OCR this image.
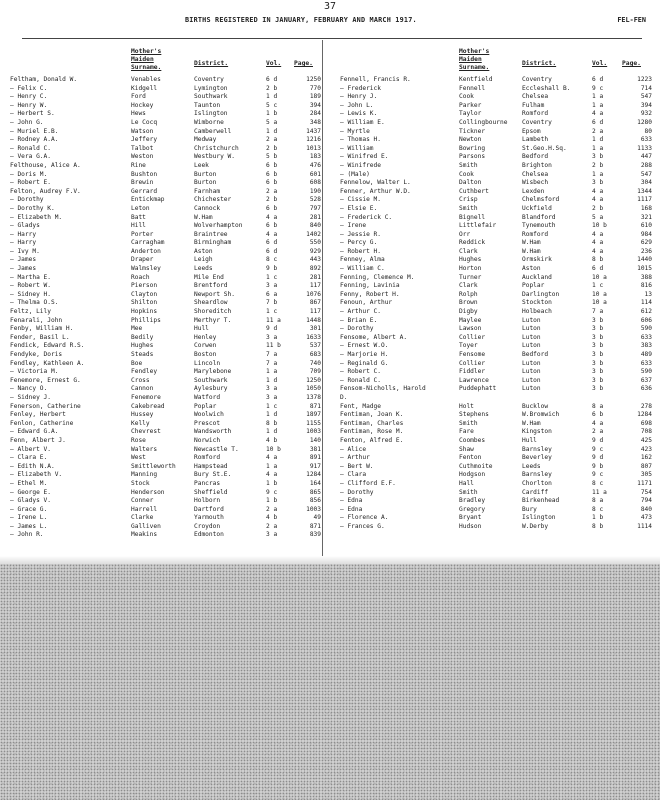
37
BIRTHS REGISTERED IN JANUARY, FEBRUARY AND MARCH 1917.	FEL-FEN
Mother's
Maiden
Surname.
District.	Vol. Page.
Feltham, Donald W.	Venables	Coventry	6 d	1250
— Felix C.	Kidgell	Lymington	2 b	770
— Henry C.	Ford	Southwark	1 d	189
— Henry W.	Hockey	Taunton	5 c	394
— Herbert S.	Hews	Islington	1 b	284
— John G.	Le Cocq	Wimborne	5 a	348
— Muriel E.B.	Watson	Camberwell	1 d	1437
— Rodney A.A.	Jeffery	Medway	2 a	1216
— Ronald C.	Talbot	Christchurch	2 b	1013
— Vera G.A.	Weston	Westbury W.	5 b	183
Felthouse, Alice A.	Rine	Leek	6 b	476
— Doris M.	Bushton	Burton	6 b	601
— Robert E.	Brewin	Burton	6 b	608
Felton, Audrey F.V.	Gerrard	Farnham	2 a	190
— Dorothy	Entickmap	Chichester	2 b	528
— Dorothy K.	Leton	Cannock	6 b	797
— Elizabeth M.	Batt	W.Ham	4 a	281
— Gladys	Hill	Wolverhampton	6 b	840
— Harry	Porter	Braintree	4 a	1402
— Harry	Carragham	Birmingham	6 d	550
— Ivy M.	Anderton	Aston	6 d	929
— James	Draper	Leigh	8 c	443
— James	Walmsley	Leeds	9 b	892
— Martha E.	Roach	Mile End	1 c	281
— Robert W.	Pierson	Brentford	3 a	117
— Sidney H.	Clayton	Newport Sh.	6 a	1076
— Thelma O.S.	Shilton	Sheardlow	7 b	867
Feltz, Lily	Hopkins	Shoreditch	1 c	117
Fenarali, John	Phillips	Merthyr T.	11 a	1448
Fenby, William H.	Mee	Hull	9 d	301
Fender, Basil L.	Bedily	Henley	3 a	1633
Fendick, Edward R.S.	Hughes	Corwen	11 b	537
Fendyke, Doris	Steads	Boston	7 a	683
Fendley, Kathleen A.	Boe	Lincoln	7 a	740
— Victoria M.	Fendley	Marylebone	1 a	709
Fenemore, Ernest G.	Cross	Southwark	1 d	1250
— Nancy O.	Cannon	Aylesbury	3 a	1050
— Sidney J.	Fenemore	Watford	3 a	1378
Fenerson, Catherine	Cakebread	Poplar	1 c	871
Fenley, Herbert	Hussey	Woolwich	1 d	1897
Fenlon, Catherine	Kelly	Prescot	8 b	1155
— Edward G.A.	Chevrest	Wandsworth	1 d	1003
Fenn, Albert J.	Rose	Norwich	4 b	140
— Albert V.	Walters	Newcastle T.	10 b	381
— Clara E.	West	Romford	4 a	891
— Edith N.A.	Smittleworth	Hampstead	1 a	917
— Elizabeth V.	Manning	Bury St.E.	4 a	1284
— Ethel M.	Stock	Pancras	1 b	164
— George E.	Henderson	Sheffield	9 c	865
— Gladys V.	Conner	Holborn	1 b	856
— Grace G.	Harrell	Dartford	2 a	1003
— Irene L.	Clarke	Yarmouth	4 b	49
— James L.	Galliven	Croydon	2 a	871
— John R.	Meakins	Edmonton	3 a	839
Mother's
Maiden
Surname.
District.	Vol. Page.
Fennell, Francis R.	Kentfield	Coventry	6 d	1223
— Frederick	Fennell	Eccleshall B.	9 c	714
— Henry J.	Cook	Chelsea	1 a	547
— John L.	Parker	Fulham	1 a	394
— Lewis K.	Taylor	Romford	4 a	932
— William E.	Collingbourne	Coventry	6 d	1280
— Myrtle	Tickner	Epsom	2 a	80
— Thomas H.	Newton	Lambeth	1 d	633
— William	Bowring	St.Geo.H.Sq.	1 a	1133
— Winifred E.	Parsons	Bedford	3 b	447
— Winifrede	Smith	Brighton	2 b	288
— (Male)	Cook	Chelsea	1 a	547
Fennelow, Walter L.	Dalton	Wisbech	3 b	304
Fenner, Arthur W.D.	Cuthbert	Lexden	4 a	1344
— Cissie M.	Crisp	Chelmsford	4 a	1117
— Elsie E.	Smith	Uckfield	2 b	168
— Frederick C.	Bignell	Blandford	5 a	321
— Irene	Littlefair	Tynemouth	10 b	610
— Jessie R.	Orr	Romford	4 a	984
— Percy G.	Reddick	W.Ham	4 a	629
— Robert H.	Clark	W.Ham	4 a	236
Fenney, Alma	Hughes	Ormskirk	8 b	1440
— William C.	Horton	Aston	6 d	1015
Fenning, Clemence M.	Turner	Auckland	10 a	388
Fenning, Lavinia	Clark	Poplar	1 c	816
Fenny, Robert H.	Rolph	Darlington	10 a	13
Fenoun, Arthur	Brown	Stockton	10 a	114
— Arthur C.	Digby	Holbeach	7 a	612
— Brian E.	Maylee	Luton	3 b	606
— Dorothy	Lawson	Luton	3 b	590
Fensome, Albert A.	Collier	Luton	3 b	633
— Ernest W.O.	Toyer	Luton	3 b	383
— Marjorie H.	Fensome	Bedford	3 b	489
— Reginald G.	Collier	Luton	3 b	633
— Robert C.	Fiddler	Luton	3 b	590
— Ronald C.	Lawrence	Luton	3 b	637
Fensom-Nicholls, Harold	Puddephatt	Luton	3 b	636
D.
Fent, Madge	Holt	Bucklow	8 a	278
Fentiman, Joan K.	Stephens	W.Bromwich	6 b	1284
Fentiman, Charles	Smith	W.Ham	4 a	698
Fentiman, Rose M.	Fare	Kingston	2 a	708
Fenton, Alfred E.	Coombes	Hull	9 d	425
— Alice	Shaw	Barnsley	9 c	423
— Arthur	Fenton	Beverley	9 d	162
— Bert W.	Cuthmoite	Leeds	9 b	807
— Clara	Hodgson	Barnsley	9 c	305
— Clifford E.F.	Hall	Chorlton	8 c	1171
— Dorothy	Smith	Cardiff	11 a	754
— Edna	Bradley	Birkenhead	8 a	794
— Edna	Gregory	Bury	8 c	840
— Florence A.	Bryant	Islington	1 b	473
— Frances G.	Hudson	W.Derby	8 b	1114
